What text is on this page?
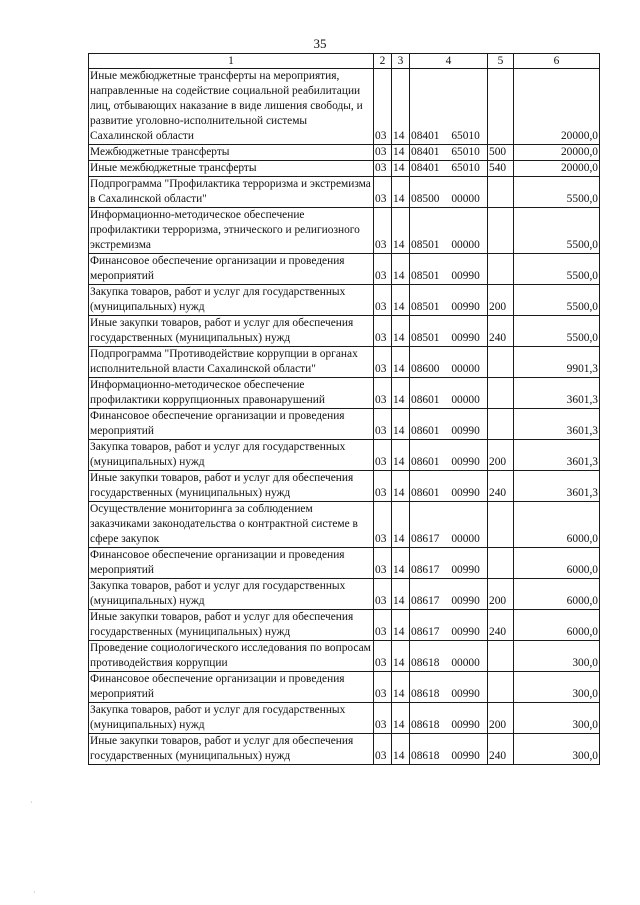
35
1	2	3	4	5	6
Иные межбюджетные трансферты на мероприятия, направленные на содействие социальной реабилитации лиц, отбывающих наказание в виде лишения свободы, и развитие уголовно-исполнительной системы Сахалинской области	03	14	08401 65010		20000,0
Межбюджетные трансферты	03	14	08401 65010	500	20000,0
Иные межбюджетные трансферты	03	14	08401 65010	540	20000,0
Подпрограмма "Профилактика терроризма и экстремизма в Сахалинской области"	03	14	08500 00000		5500,0
Информационно-методическое обеспечение профилактики терроризма, этнического и религиозного экстремизма	03	14	08501 00000		5500,0
Финансовое обеспечение организации и проведения мероприятий	03	14	08501 00990		5500,0
Закупка товаров, работ и услуг для государственных (муниципальных) нужд	03	14	08501 00990	200	5500,0
Иные закупки товаров, работ и услуг для обеспечения государственных (муниципальных) нужд	03	14	08501 00990	240	5500,0
Подпрограмма "Противодействие коррупции в органах исполнительной власти Сахалинской области"	03	14	08600 00000		9901,3
Информационно-методическое обеспечение профилактики коррупционных правонарушений	03	14	08601 00000		3601,3
Финансовое обеспечение организации и проведения мероприятий	03	14	08601 00990		3601,3
Закупка товаров, работ и услуг для государственных (муниципальных) нужд	03	14	08601 00990	200	3601,3
Иные закупки товаров, работ и услуг для обеспечения государственных (муниципальных) нужд	03	14	08601 00990	240	3601,3
Осуществление мониторинга за соблюдением заказчиками законодательства о контрактной системе в сфере закупок	03	14	08617 00000		6000,0
Финансовое обеспечение организации и проведения мероприятий	03	14	08617 00990		6000,0
Закупка товаров, работ и услуг для государственных (муниципальных) нужд	03	14	08617 00990	200	6000,0
Иные закупки товаров, работ и услуг для обеспечения государственных (муниципальных) нужд	03	14	08617 00990	240	6000,0
Проведение социологического исследования по вопросам противодействия коррупции	03	14	08618 00000		300,0
Финансовое обеспечение организации и проведения мероприятий	03	14	08618 00990		300,0
Закупка товаров, работ и услуг для государственных (муниципальных) нужд	03	14	08618 00990	200	300,0
Иные закупки товаров, работ и услуг для обеспечения государственных (муниципальных) нужд	03	14	08618 00990	240	300,0
·
·
